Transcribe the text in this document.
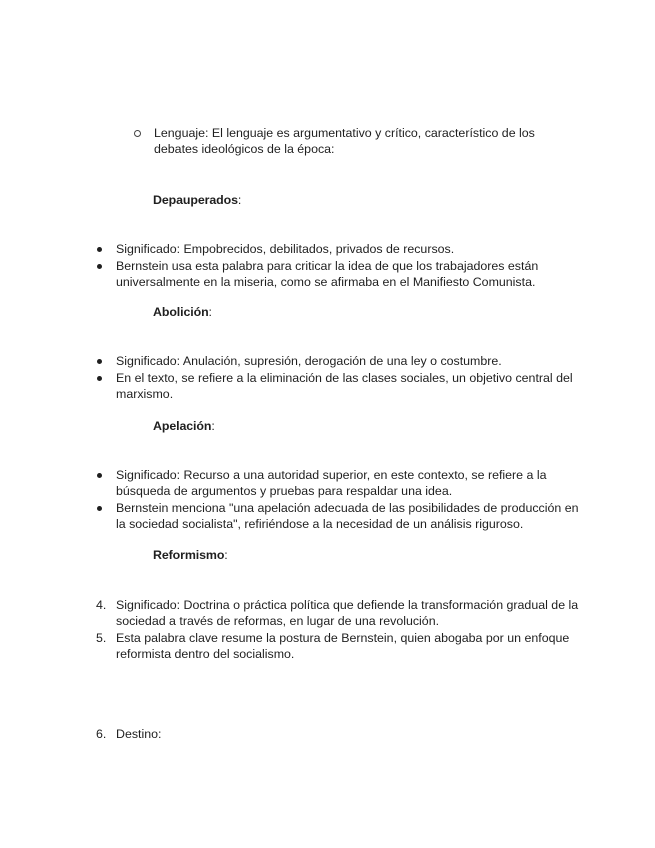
Lenguaje: El lenguaje es argumentativo y crítico, característico de los debates ideológicos de la época:
Depauperados:
Significado: Empobrecidos, debilitados, privados de recursos.
Bernstein usa esta palabra para criticar la idea de que los trabajadores están universalmente en la miseria, como se afirmaba en el Manifiesto Comunista.
Abolición:
Significado: Anulación, supresión, derogación de una ley o costumbre.
En el texto, se refiere a la eliminación de las clases sociales, un objetivo central del marxismo.
Apelación:
Significado: Recurso a una autoridad superior, en este contexto, se refiere a la búsqueda de argumentos y pruebas para respaldar una idea.
Bernstein menciona "una apelación adecuada de las posibilidades de producción en la sociedad socialista", refiriéndose a la necesidad de un análisis riguroso.
Reformismo:
4. Significado: Doctrina o práctica política que defiende la transformación gradual de la sociedad a través de reformas, en lugar de una revolución.
5. Esta palabra clave resume la postura de Bernstein, quien abogaba por un enfoque reformista dentro del socialismo.
6. Destino:
